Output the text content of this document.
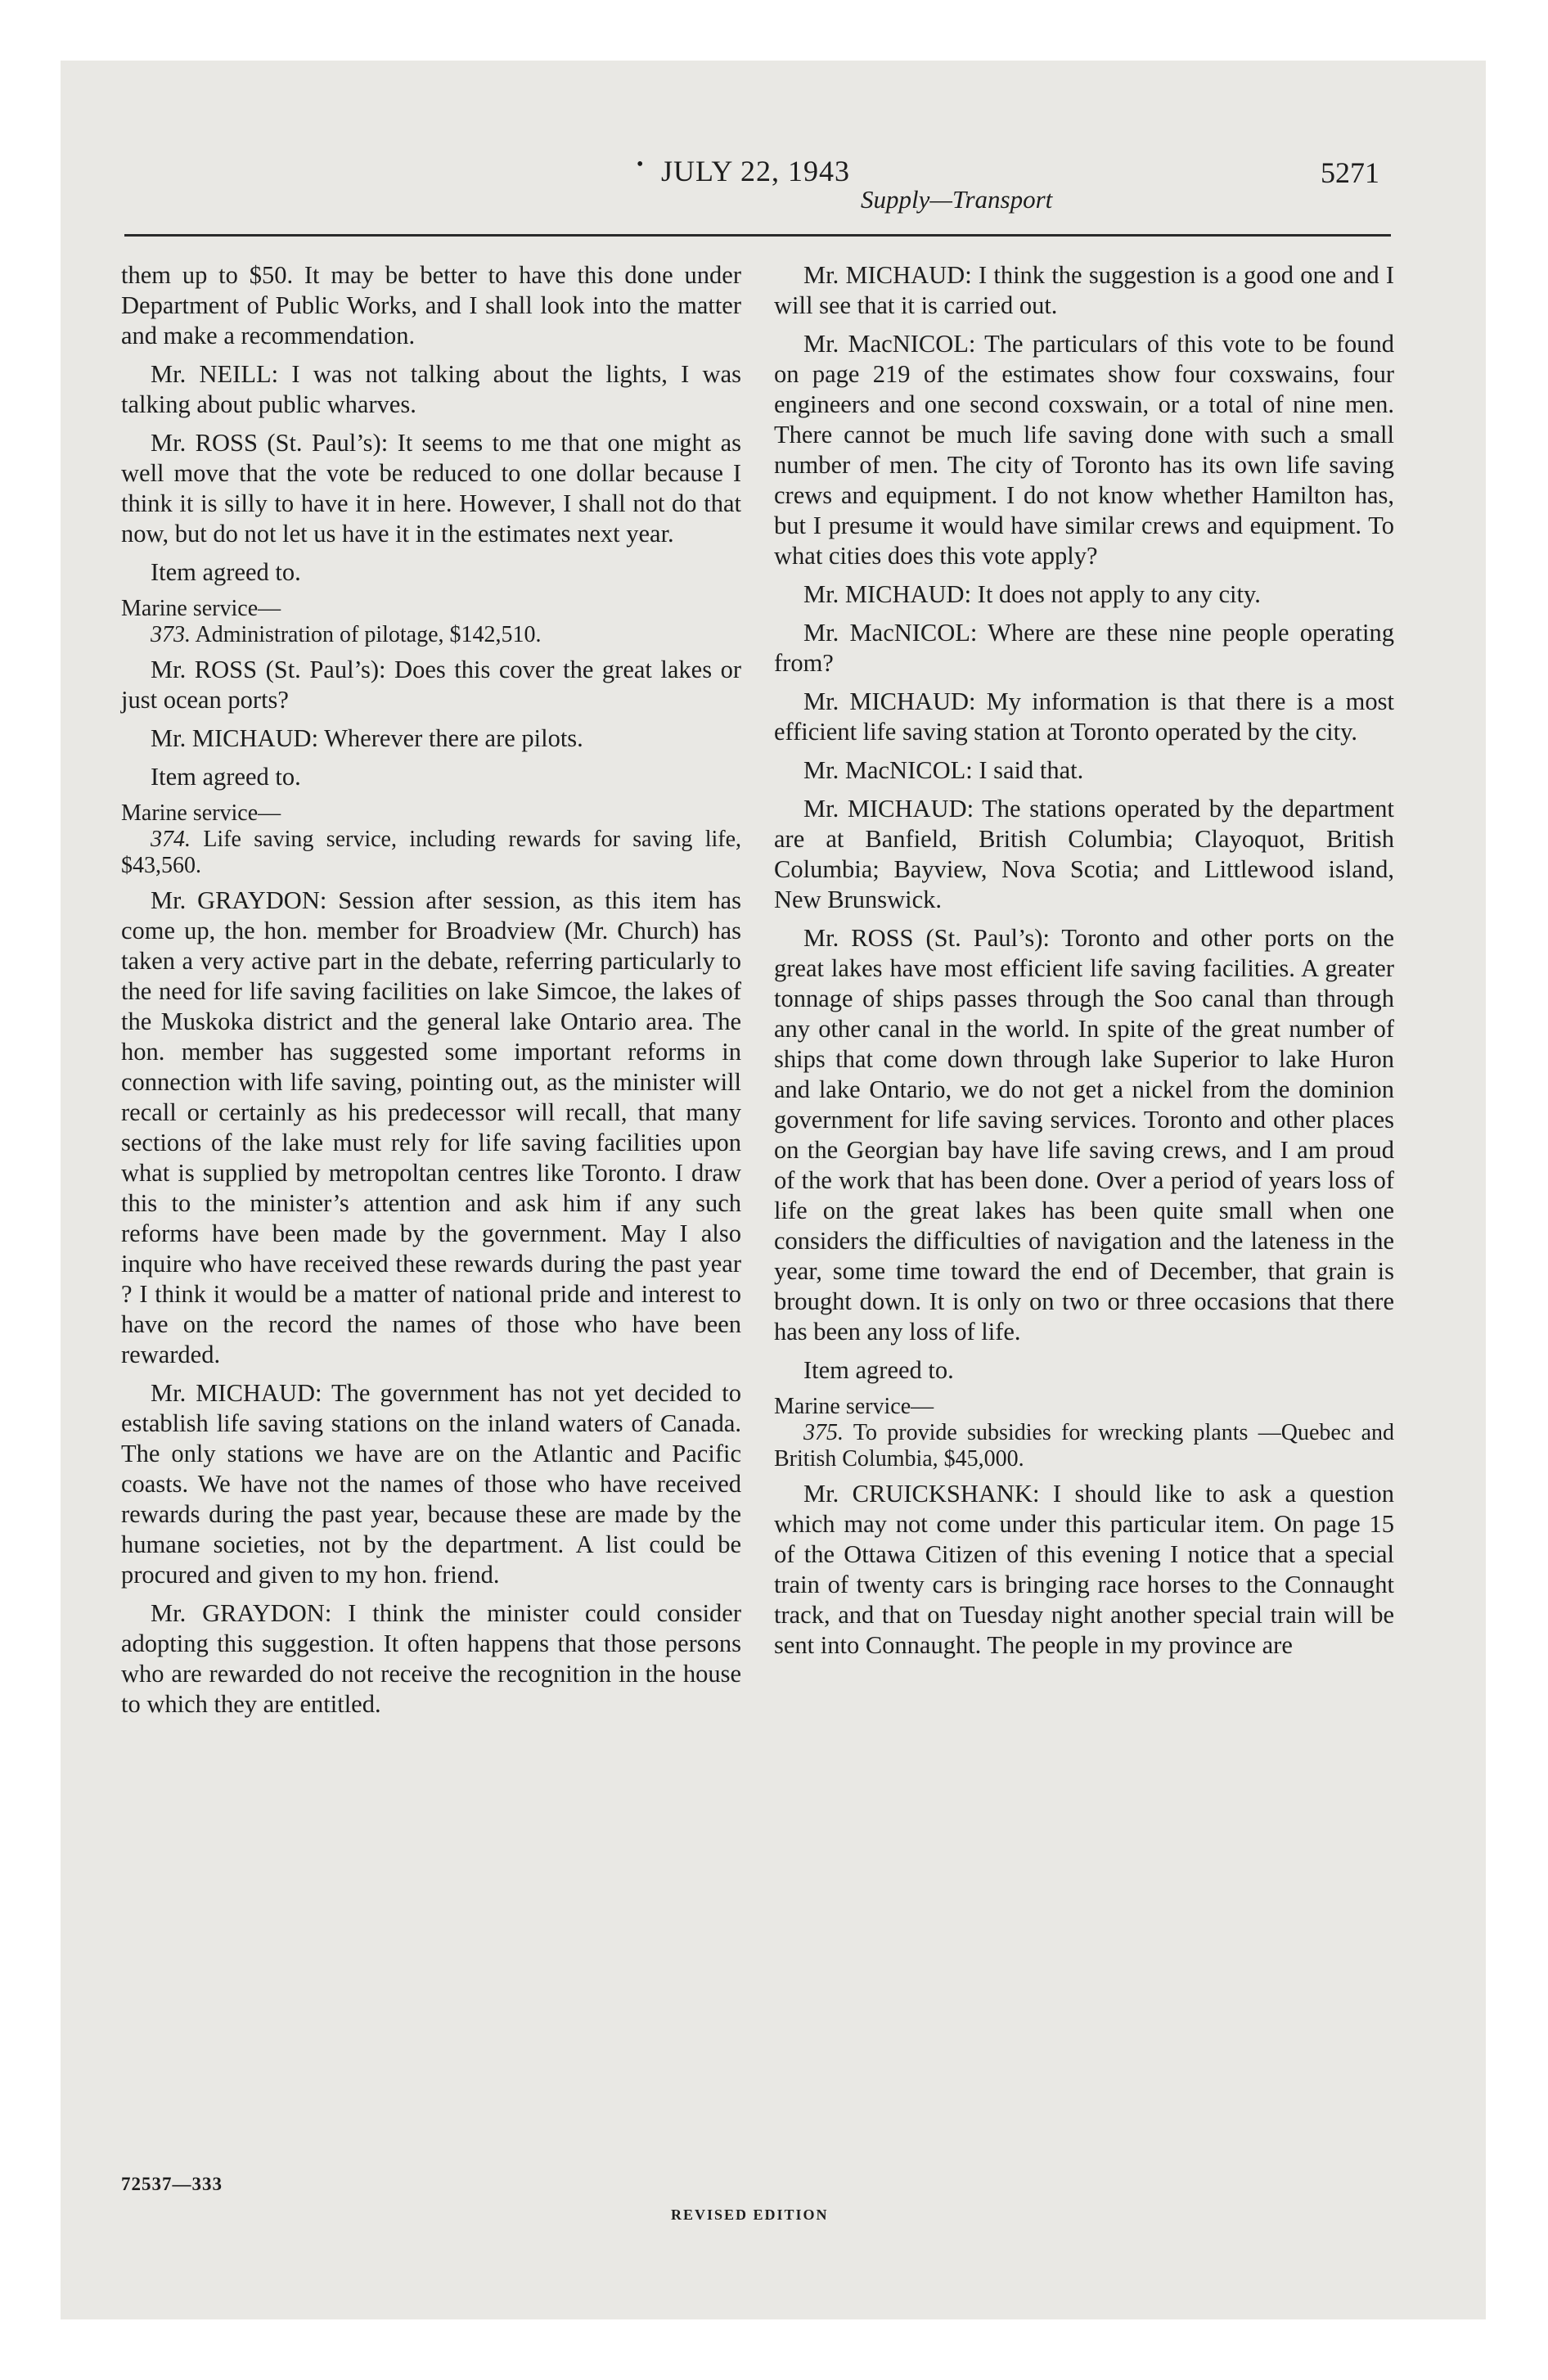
• JULY 22, 1943	5271
Supply—Transport

them up to $50. It may be better to have this done under Department of Public Works, and I shall look into the matter and make a recommendation.

Mr. NEILL: I was not talking about the lights, I was talking about public wharves.

Mr. ROSS (St. Paul’s): It seems to me that one might as well move that the vote be reduced to one dollar because I think it is silly to have it in here. However, I shall not do that now, but do not let us have it in the estimates next year.

Item agreed to.

Marine service—
373. Administration of pilotage, $142,510.

Mr. ROSS (St. Paul’s): Does this cover the great lakes or just ocean ports?

Mr. MICHAUD: Wherever there are pilots.

Item agreed to.

Marine service—
374. Life saving service, including rewards for saving life, $43,560.

Mr. GRAYDON: Session after session, as this item has come up, the hon. member for Broadview (Mr. Church) has taken a very active part in the debate, referring particularly to the need for life saving facilities on lake Simcoe, the lakes of the Muskoka district and the general lake Ontario area. The hon. member has suggested some important reforms in connection with life saving, pointing out, as the minister will recall or certainly as his predecessor will recall, that many sections of the lake must rely for life saving facilities upon what is supplied by metropoltan centres like Toronto. I draw this to the minister’s attention and ask him if any such reforms have been made by the government. May I also inquire who have received these rewards during the past year ? I think it would be a matter of national pride and interest to have on the record the names of those who have been rewarded.

Mr. MICHAUD: The government has not yet decided to establish life saving stations on the inland waters of Canada. The only stations we have are on the Atlantic and Pacific coasts. We have not the names of those who have received rewards during the past year, because these are made by the humane societies, not by the department. A list could be procured and given to my hon. friend.

Mr. GRAYDON: I think the minister could consider adopting this suggestion. It often happens that those persons who are rewarded do not receive the recognition in the house to which they are entitled.

Mr. MICHAUD: I think the suggestion is a good one and I will see that it is carried out.

Mr. MacNICOL: The particulars of this vote to be found on page 219 of the estimates show four coxswains, four engineers and one second coxswain, or a total of nine men. There cannot be much life saving done with such a small number of men. The city of Toronto has its own life saving crews and equipment. I do not know whether Hamilton has, but I presume it would have similar crews and equipment. To what cities does this vote apply?

Mr. MICHAUD: It does not apply to any city.

Mr. MacNICOL: Where are these nine people operating from?

Mr. MICHAUD: My information is that there is a most efficient life saving station at Toronto operated by the city.

Mr. MacNICOL: I said that.

Mr. MICHAUD: The stations operated by the department are at Banfield, British Columbia; Clayoquot, British Columbia; Bayview, Nova Scotia; and Littlewood island, New Brunswick.

Mr. ROSS (St. Paul’s): Toronto and other ports on the great lakes have most efficient life saving facilities. A greater tonnage of ships passes through the Soo canal than through any other canal in the world. In spite of the great number of ships that come down through lake Superior to lake Huron and lake Ontario, we do not get a nickel from the dominion government for life saving services. Toronto and other places on the Georgian bay have life saving crews, and I am proud of the work that has been done. Over a period of years loss of life on the great lakes has been quite small when one considers the difficulties of navigation and the lateness in the year, some time toward the end of December, that grain is brought down. It is only on two or three occasions that there has been any loss of life.

Item agreed to.

Marine service—
375. To provide subsidies for wrecking plants —Quebec and British Columbia, $45,000.

Mr. CRUICKSHANK: I should like to ask a question which may not come under this particular item. On page 15 of the Ottawa Citizen of this evening I notice that a special train of twenty cars is bringing race horses to the Connaught track, and that on Tuesday night another special train will be sent into Connaught. The people in my province are

72537—333
REVISED EDITION
